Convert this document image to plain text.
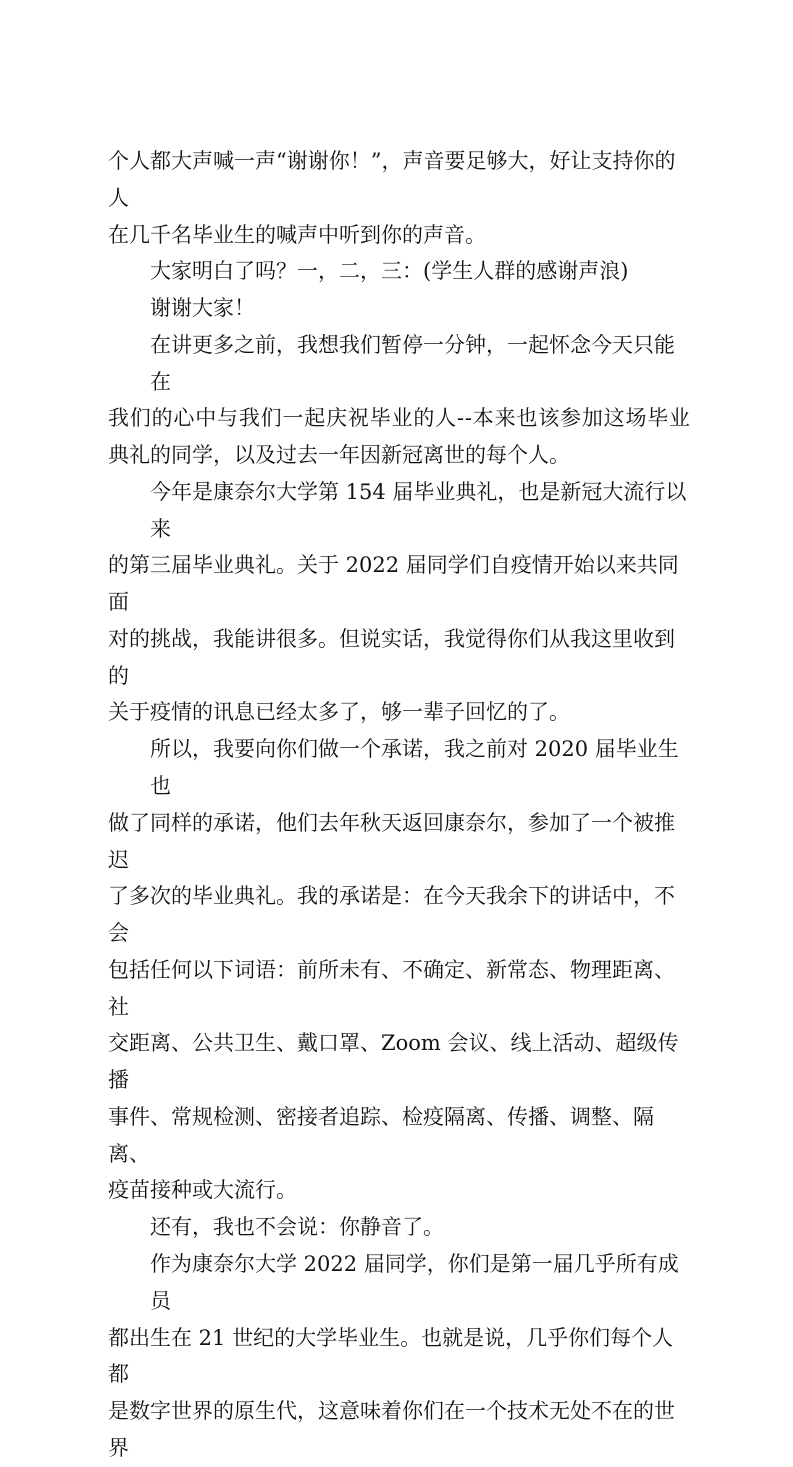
个人都大声喊一声“谢谢你！”，声音要足够大，好让支持你的人
在几千名毕业生的喊声中听到你的声音。
大家明白了吗？一，二，三：(学生人群的感谢声浪)
谢谢大家！
在讲更多之前，我想我们暂停一分钟，一起怀念今天只能在
我们的心中与我们一起庆祝毕业的人--本来也该参加这场毕业
典礼的同学，以及过去一年因新冠离世的每个人。
今年是康奈尔大学第 154 届毕业典礼，也是新冠大流行以来
的第三届毕业典礼。关于 2022 届同学们自疫情开始以来共同面
对的挑战，我能讲很多。但说实话，我觉得你们从我这里收到的
关于疫情的讯息已经太多了，够一辈子回忆的了。
所以，我要向你们做一个承诺，我之前对 2020 届毕业生也
做了同样的承诺，他们去年秋天返回康奈尔，参加了一个被推迟
了多次的毕业典礼。我的承诺是：在今天我余下的讲话中，不会
包括任何以下词语：前所未有、不确定、新常态、物理距离、社
交距离、公共卫生、戴口罩、Zoom 会议、线上活动、超级传播
事件、常规检测、密接者追踪、检疫隔离、传播、调整、隔离、
疫苗接种或大流行。
还有，我也不会说：你静音了。
作为康奈尔大学 2022 届同学，你们是第一届几乎所有成员
都出生在 21 世纪的大学毕业生。也就是说，几乎你们每个人都
是数字世界的原生代，这意味着你们在一个技术无处不在的世界
